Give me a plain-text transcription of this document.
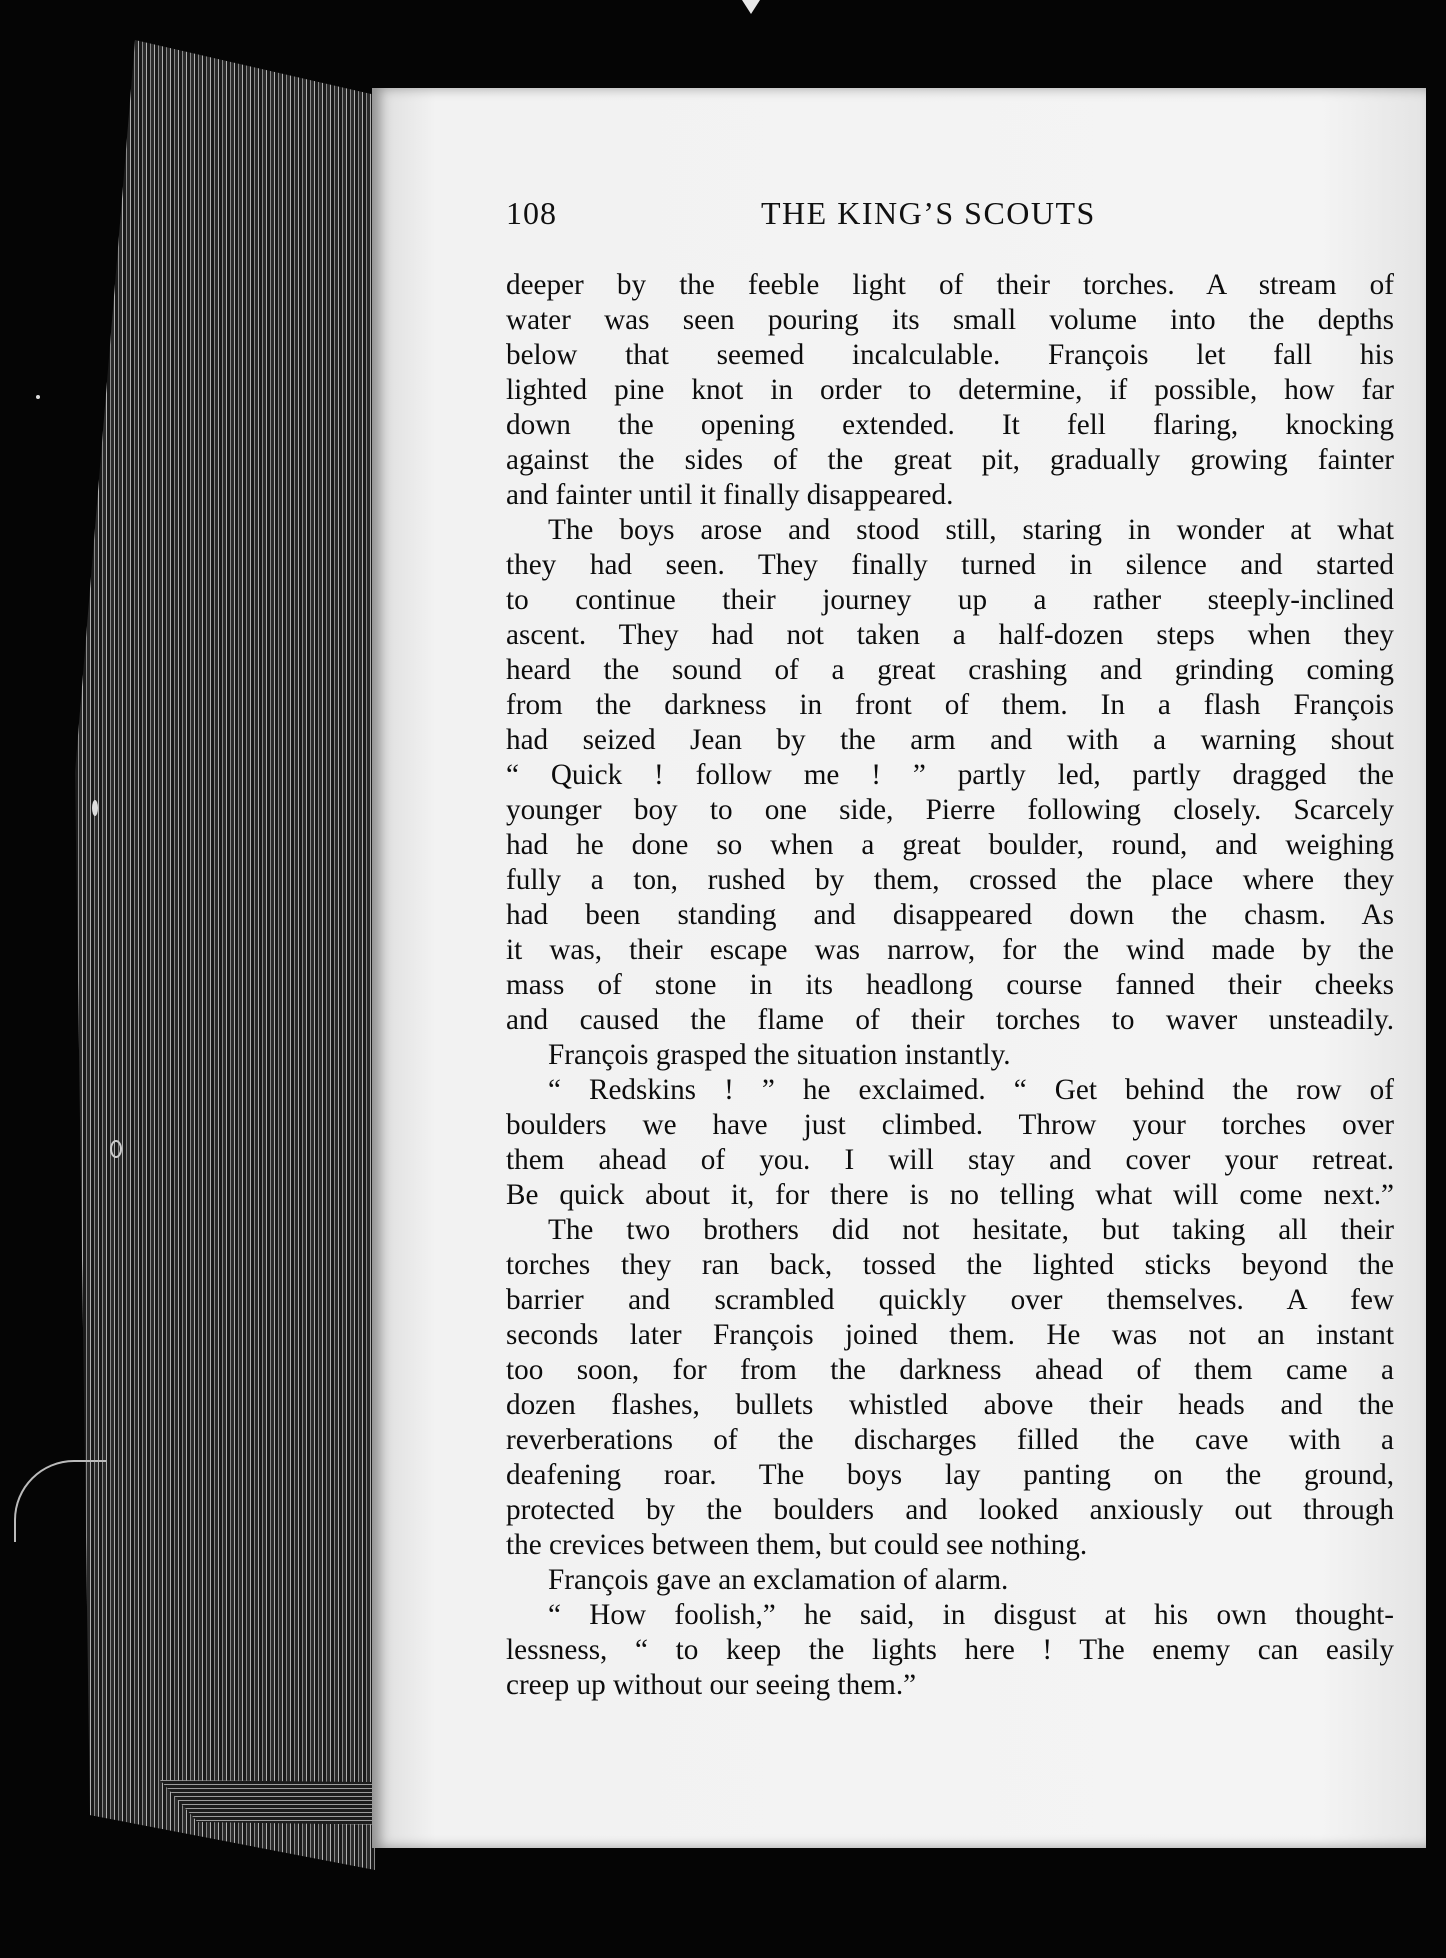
108	THE KING’S SCOUTS
deeper by the feeble light of their torches. A stream of
water was seen pouring its small volume into the depths
below that seemed incalculable. François let fall his
lighted pine knot in order to determine, if possible, how far
down the opening extended. It fell flaring, knocking
against the sides of the great pit, gradually growing fainter
and fainter until it finally disappeared.
The boys arose and stood still, staring in wonder at what
they had seen. They finally turned in silence and started
to continue their journey up a rather steeply-inclined
ascent. They had not taken a half-dozen steps when they
heard the sound of a great crashing and grinding coming
from the darkness in front of them. In a flash François
had seized Jean by the arm and with a warning shout
“ Quick ! follow me ! ” partly led, partly dragged the
younger boy to one side, Pierre following closely. Scarcely
had he done so when a great boulder, round, and weighing
fully a ton, rushed by them, crossed the place where they
had been standing and disappeared down the chasm. As
it was, their escape was narrow, for the wind made by the
mass of stone in its headlong course fanned their cheeks
and caused the flame of their torches to waver unsteadily.
François grasped the situation instantly.
“ Redskins ! ” he exclaimed. “ Get behind the row of
boulders we have just climbed. Throw your torches over
them ahead of you. I will stay and cover your retreat.
Be quick about it, for there is no telling what will come next.”
The two brothers did not hesitate, but taking all their
torches they ran back, tossed the lighted sticks beyond the
barrier and scrambled quickly over themselves. A few
seconds later François joined them. He was not an instant
too soon, for from the darkness ahead of them came a
dozen flashes, bullets whistled above their heads and the
reverberations of the discharges filled the cave with a
deafening roar. The boys lay panting on the ground,
protected by the boulders and looked anxiously out through
the crevices between them, but could see nothing.
François gave an exclamation of alarm.
“ How foolish,” he said, in disgust at his own thought-
lessness, “ to keep the lights here ! The enemy can easily
creep up without our seeing them.”
